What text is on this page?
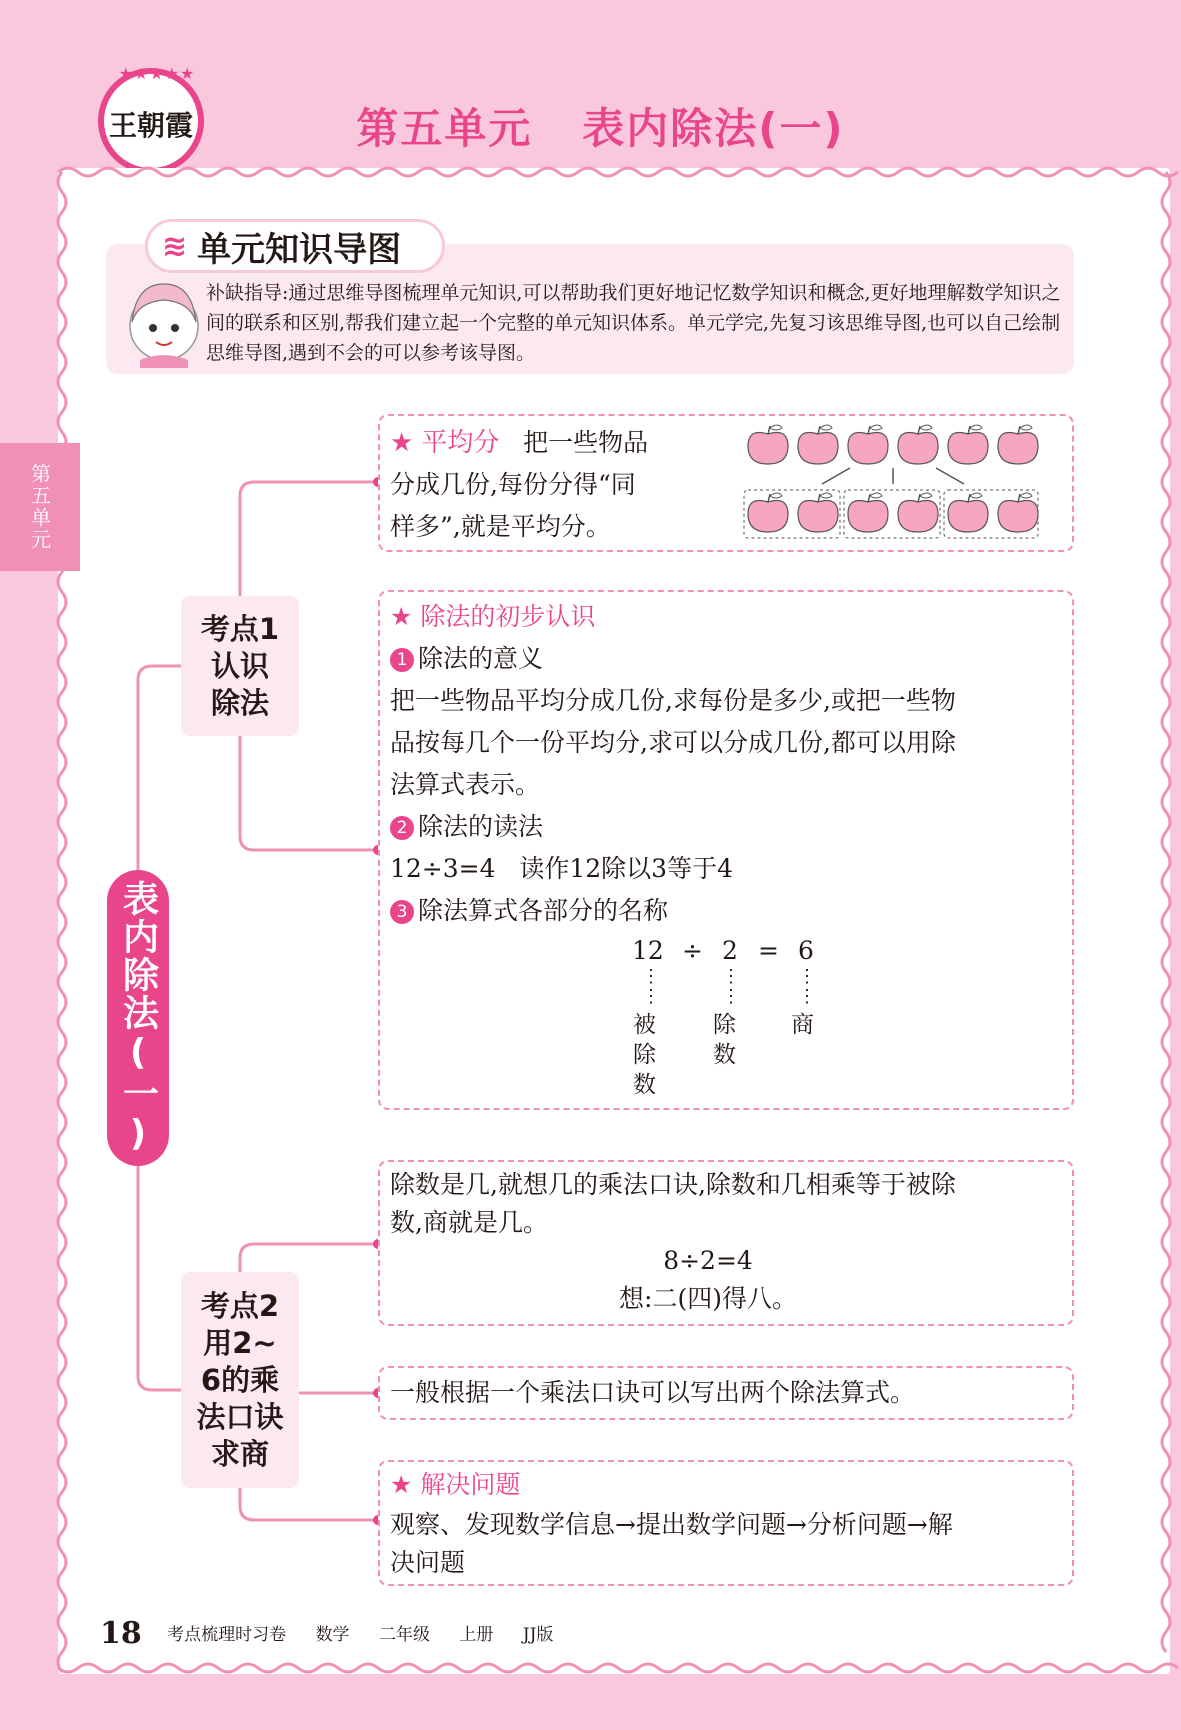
★★★★★
王朝霞	第五单元   表内除法(一)
第五单元
≋ 单元知识导图
补缺指导:通过思维导图梳理单元知识,可以帮助我们更好地记忆数学知识和概念,更好地理解数学知识之间的联系和区别,帮我们建立起一个完整的单元知识体系。单元学完,先复习该思维导图,也可以自己绘制思维导图,遇到不会的可以参考该导图。
表内除法(一)
考点1
认识
除法
考点2
用2~
6的乘
法口诀
求商
★ 平均分 把一些物品
分成几份,每份分得“同
样多”,就是平均分。
★ 除法的初步认识
1 除法的意义
把一些物品平均分成几份,求每份是多少,或把一些物
品按每几个一份平均分,求可以分成几份,都可以用除
法算式表示。
2 除法的读法
12÷3=4   读作12除以3等于4
3 除法算式各部分的名称
12 ÷ 2 = 6
⋮

⋮
⋮

⋮
⋮

⋮
被除数
除数
商
除数是几,就想几的乘法口诀,除数和几相乘等于被除
数,商就是几。
8÷2=4
想:二(四)得八。
一般根据一个乘法口诀可以写出两个除法算式。
★ 解决问题
观察、发现数学信息→提出数学问题→分析问题→解
决问题
18 考点梳理时习卷 数学 二年级 上册 JJ版
